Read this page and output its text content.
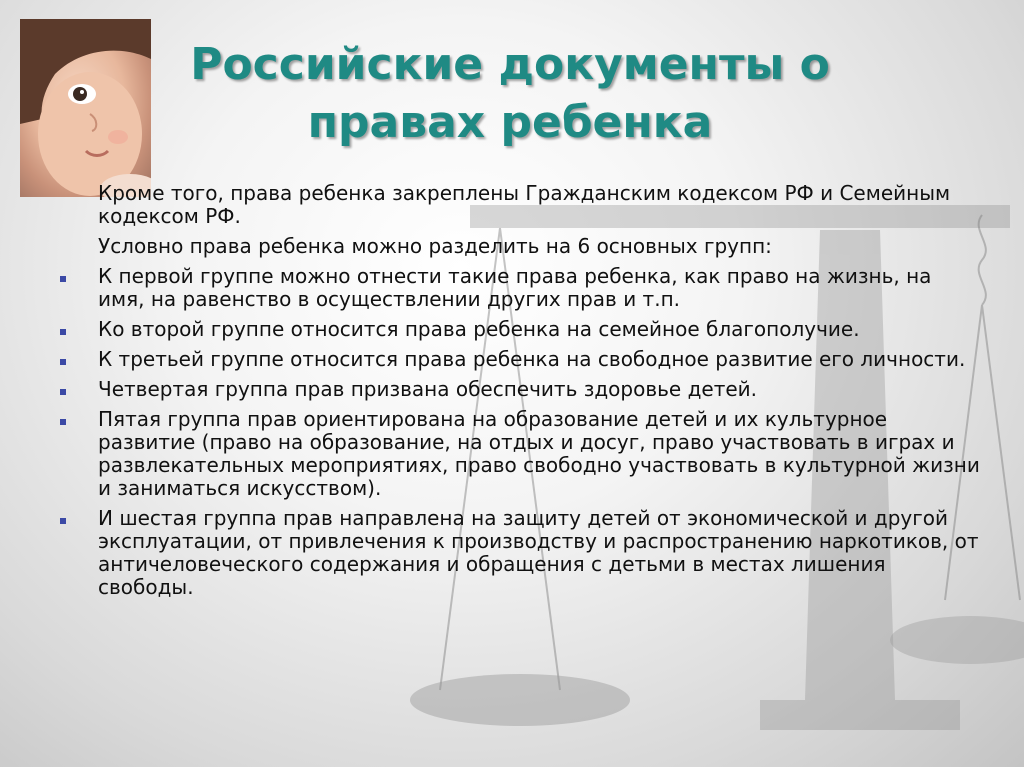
Российские документы о
правах ребенка
Кроме того, права ребенка закреплены Гражданским кодексом РФ и Семейным кодексом РФ.
Условно права ребенка можно разделить на 6 основных групп:
К первой группе можно отнести такие права ребенка, как право на жизнь, на имя, на равенство в осуществлении других прав и т.п.
Ко второй группе относится права ребенка на семейное благополучие.
К третьей группе относится права ребенка на свободное развитие его личности.
Четвертая группа прав призвана обеспечить здоровье детей.
Пятая группа прав ориентирована на образование детей и их культурное развитие (право на образование, на отдых и досуг, право участвовать в играх и развлекательных мероприятиях, право свободно участвовать в культурной жизни и заниматься искусством).
И шестая группа прав направлена на защиту детей от экономической и другой эксплуатации, от привлечения к производству и распространению наркотиков, от античеловеческого содержания и обращения с детьми в местах лишения свободы.
